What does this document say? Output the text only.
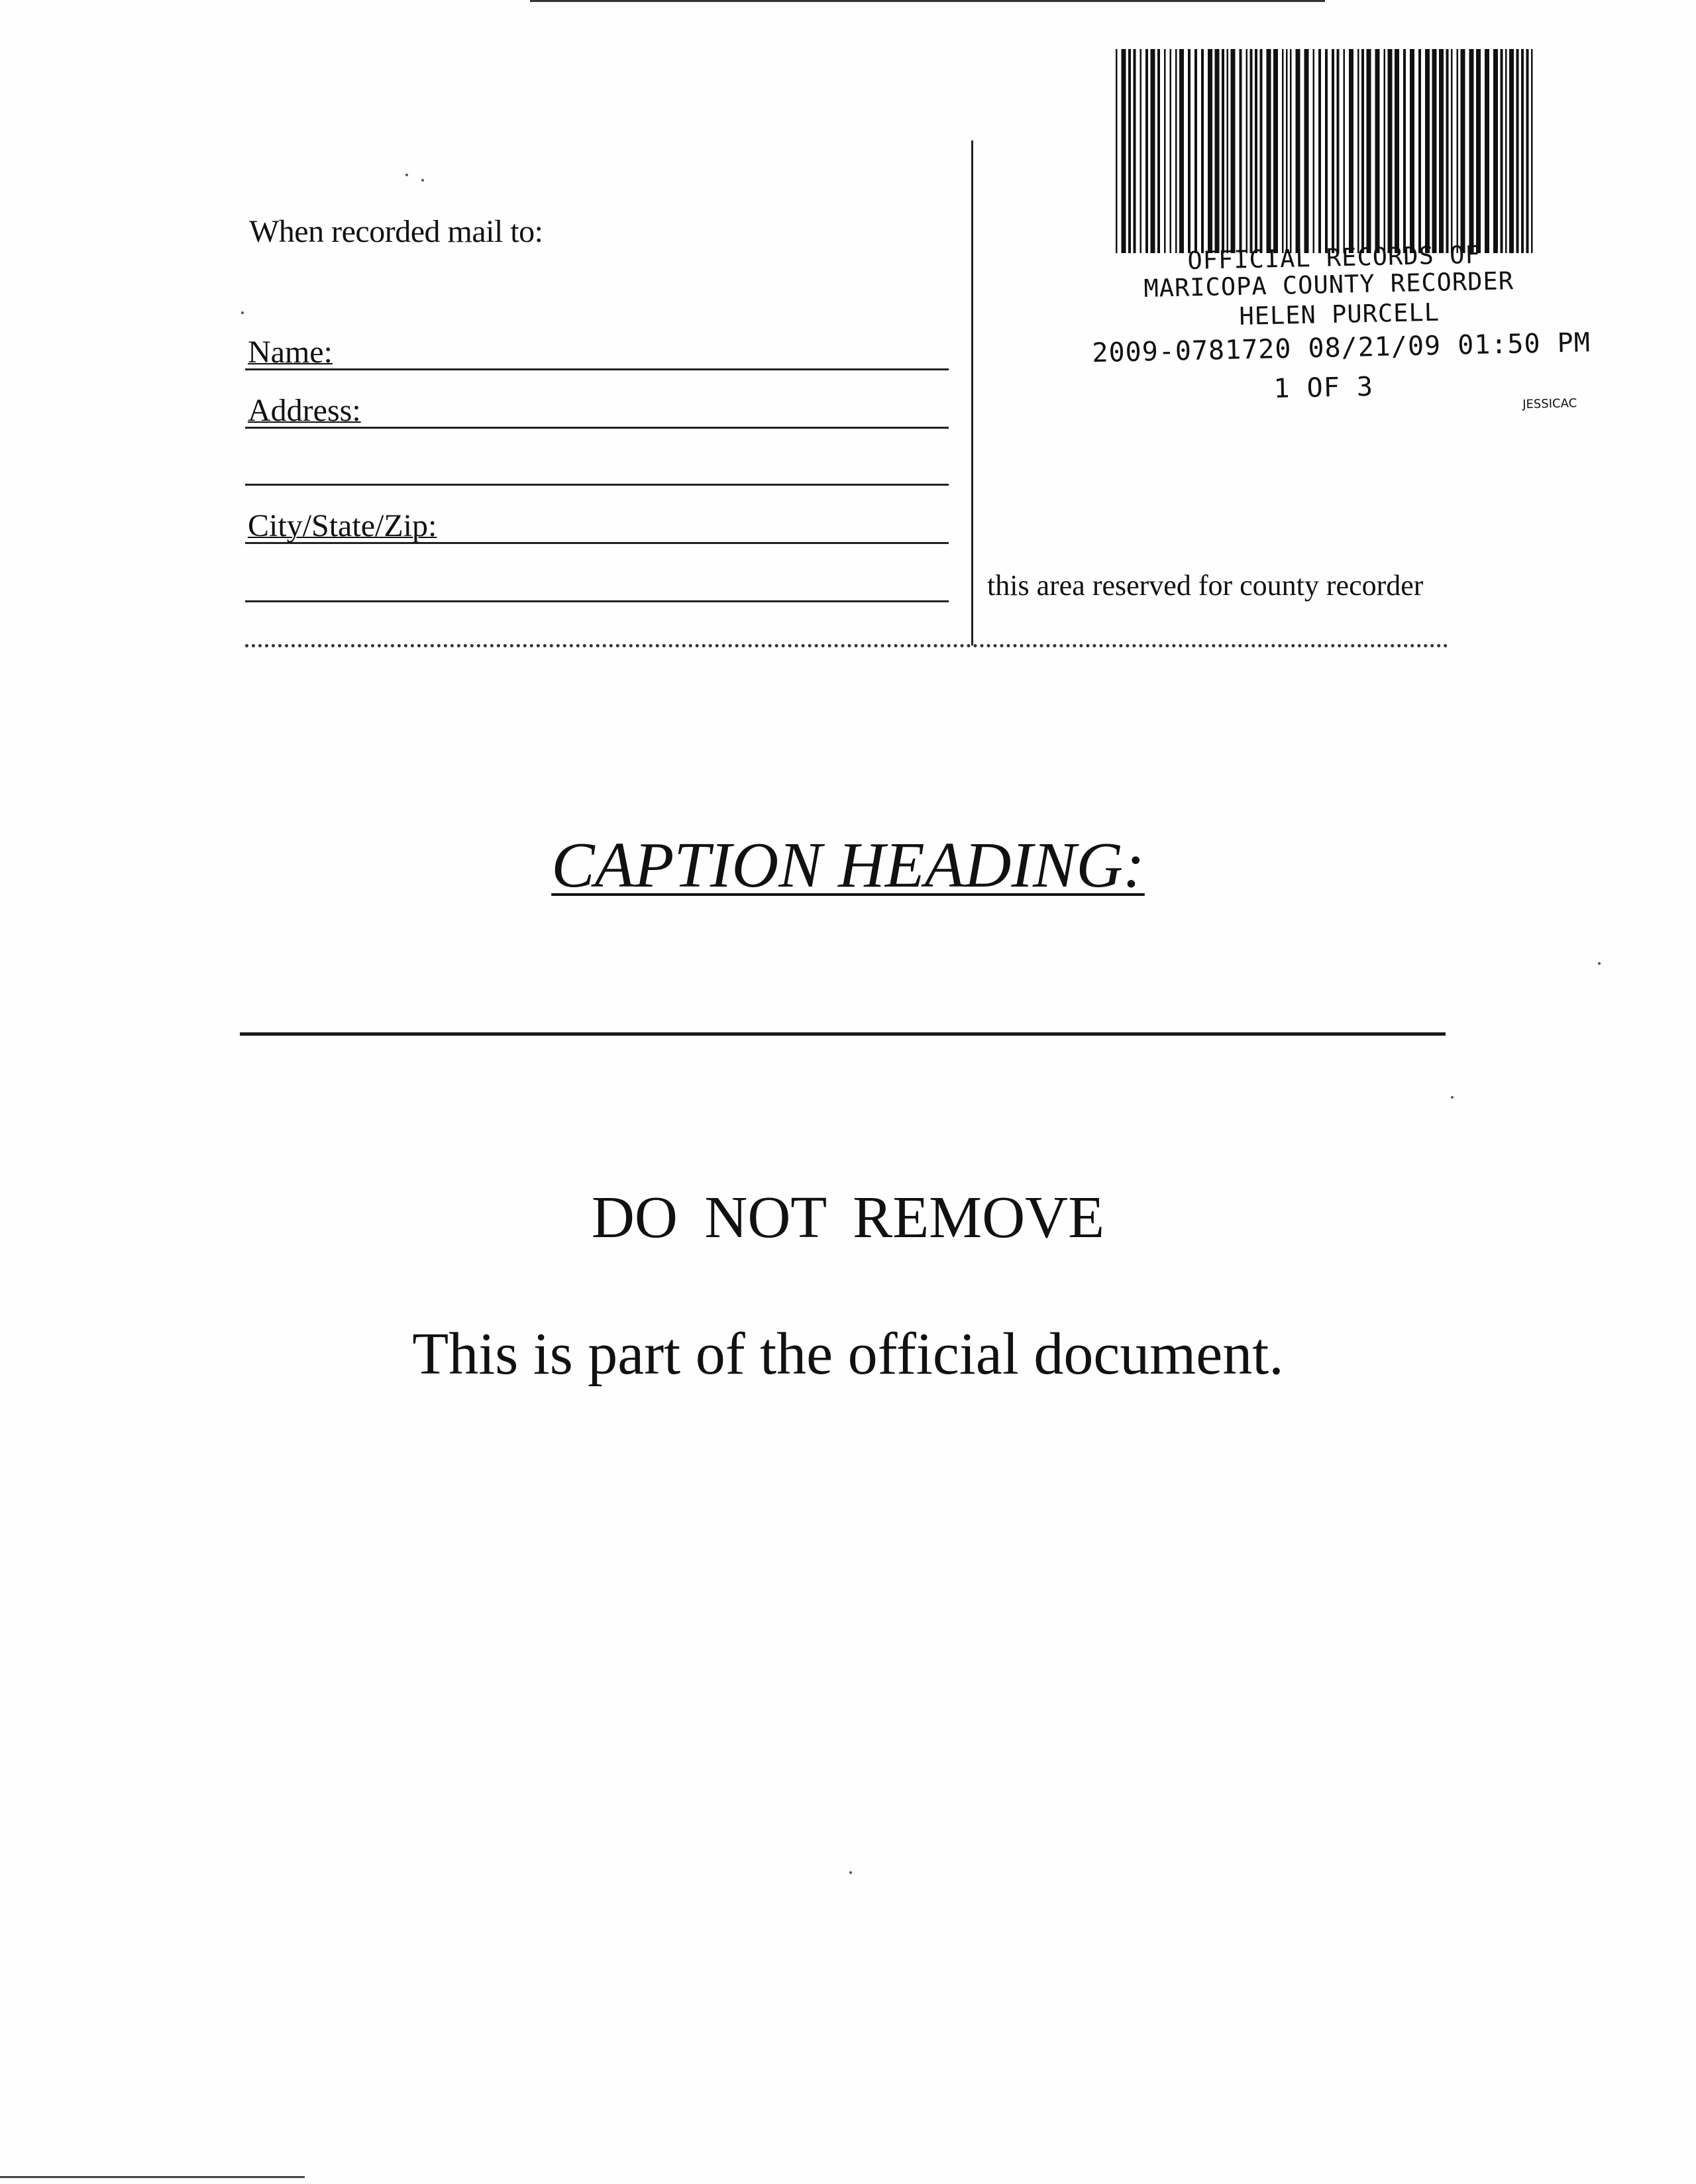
When recorded mail to:
Name:
Address:
City/State/Zip:
OFFICIAL RECORDS OF
MARICOPA COUNTY RECORDER
HELEN PURCELL
2009-0781720 08/21/09 01:50 PM
1 OF 3	JESSICAC
this area reserved for county recorder
CAPTION HEADING:
DO NOT REMOVE
This is part of the official document.
